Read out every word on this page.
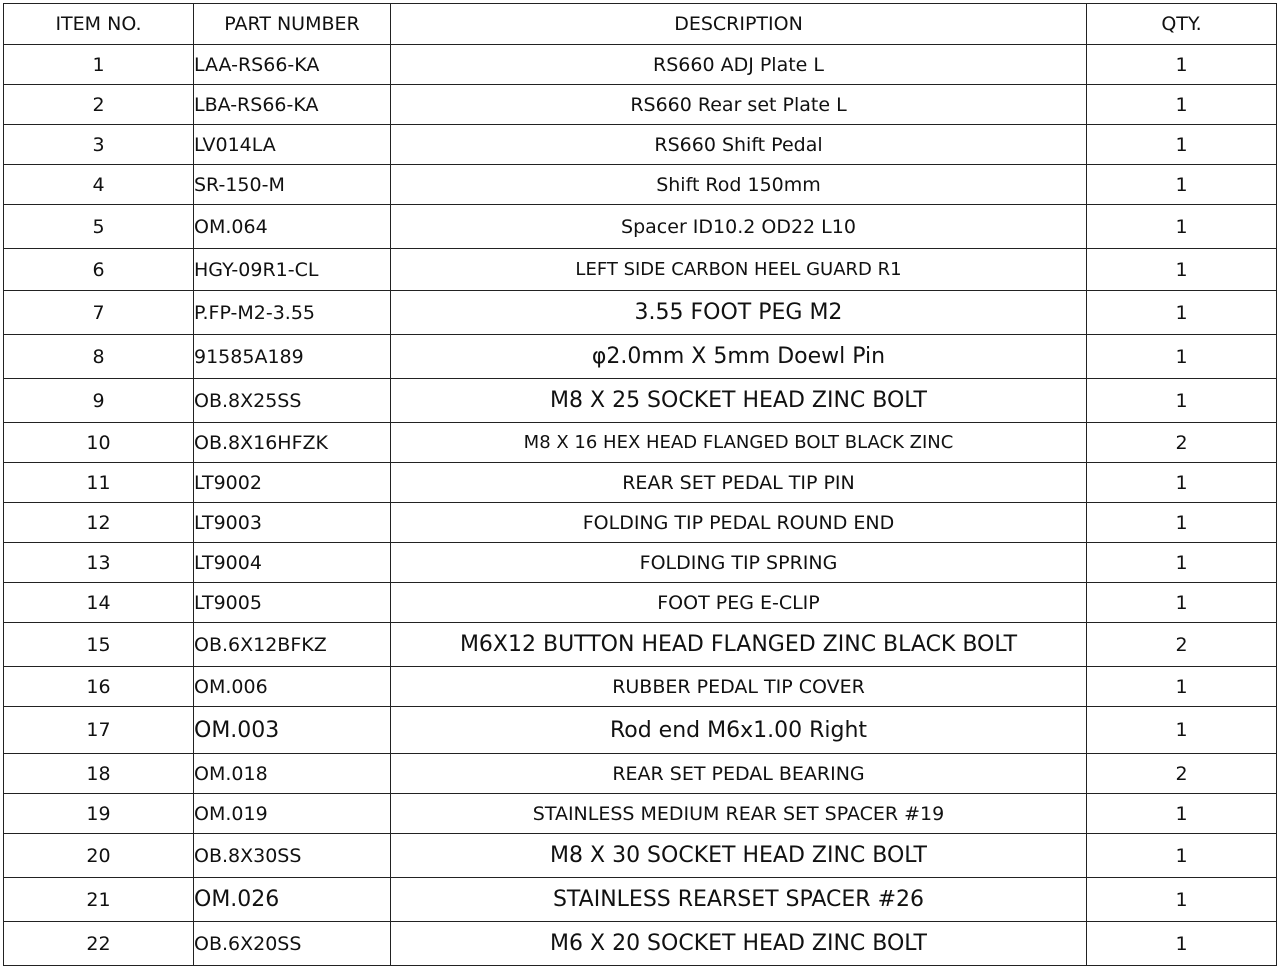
ITEM NO.	PART NUMBER	DESCRIPTION	QTY.
1	LAA-RS66-KA	RS660 ADJ Plate L	1
2	LBA-RS66-KA	RS660 Rear set Plate L	1
3	LV014LA	RS660 Shift Pedal	1
4	SR-150-M	Shift Rod 150mm	1
5	OM.064	Spacer ID10.2 OD22 L10	1
6	HGY-09R1-CL	LEFT SIDE CARBON HEEL GUARD R1	1
7	P.FP-M2-3.55	3.55 FOOT PEG M2	1
8	91585A189	φ2.0mm X 5mm Doewl Pin	1
9	OB.8X25SS	M8 X 25 SOCKET HEAD ZINC BOLT	1
10	OB.8X16HFZK	M8 X 16 HEX HEAD FLANGED BOLT BLACK ZINC	2
11	LT9002	REAR SET PEDAL TIP PIN	1
12	LT9003	FOLDING TIP PEDAL ROUND END	1
13	LT9004	FOLDING TIP SPRING	1
14	LT9005	FOOT PEG E-CLIP	1
15	OB.6X12BFKZ	M6X12 BUTTON HEAD FLANGED ZINC BLACK BOLT	2
16	OM.006	RUBBER PEDAL TIP COVER	1
17	OM.003	Rod end M6x1.00 Right	1
18	OM.018	REAR SET PEDAL BEARING	2
19	OM.019	STAINLESS MEDIUM REAR SET SPACER #19	1
20	OB.8X30SS	M8 X 30 SOCKET HEAD ZINC BOLT	1
21	OM.026	STAINLESS REARSET SPACER #26	1
22	OB.6X20SS	M6 X 20 SOCKET HEAD ZINC BOLT	1
